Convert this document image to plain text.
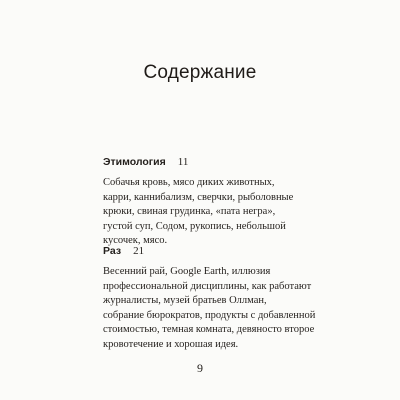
Содержание
Этимология 11
Собачья кровь, мясо диких животных,
карри, каннибализм, сверчки, рыболовные
крюки, свиная грудинка, «пата негра»,
густой суп, Содом, рукопись, небольшой
кусочек, мясо.
Раз 21
Весенний рай, Google Earth, иллюзия
профессиональной дисциплины, как работают
журналисты, музей братьев Оллман,
собрание бюрократов, продукты с добавленной
стоимостью, темная комната, девяносто второе
кровотечение и хорошая идея.
9
